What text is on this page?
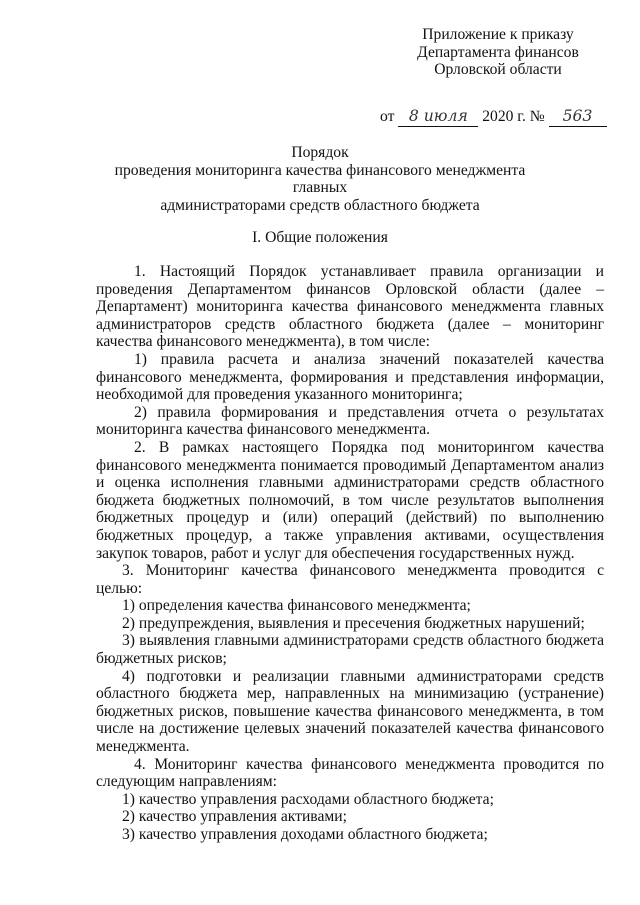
Приложение к приказу
Департамента финансов
Орловской области
от 8 июля 2020 г. № 563
Порядок
проведения мониторинга качества финансового менеджмента главных
администраторами средств областного бюджета
I. Общие положения

1. Настоящий Порядок устанавливает правила организации и проведения Департаментом финансов Орловской области (далее – Департамент) мониторинга качества финансового менеджмента главных администраторов средств областного бюджета (далее – мониторинг качества финансового менеджмента), в том числе:

1) правила расчета и анализа значений показателей качества финансового менеджмента, формирования и представления информации, необходимой для проведения указанного мониторинга;

2) правила формирования и представления отчета о результатах мониторинга качества финансового менеджмента.

2. В рамках настоящего Порядка под мониторингом качества финансового менеджмента понимается проводимый Департаментом анализ и оценка исполнения главными администраторами средств областного бюджета бюджетных полномочий, в том числе результатов выполнения бюджетных процедур и (или) операций (действий) по выполнению бюджетных процедур, а также управления активами, осуществления закупок товаров, работ и услуг для обеспечения государственных нужд.

3. Мониторинг качества финансового менеджмента проводится с целью:

1) определения качества финансового менеджмента;

2) предупреждения, выявления и пресечения бюджетных нарушений;

3) выявления главными администраторами средств областного бюджета бюджетных рисков;

4) подготовки и реализации главными администраторами средств областного бюджета мер, направленных на минимизацию (устранение) бюджетных рисков, повышение качества финансового менеджмента, в том числе на достижение целевых значений показателей качества финансового менеджмента.

4. Мониторинг качества финансового менеджмента проводится по следующим направлениям:

1) качество управления расходами областного бюджета;

2) качество управления активами;

3) качество управления доходами областного бюджета;
